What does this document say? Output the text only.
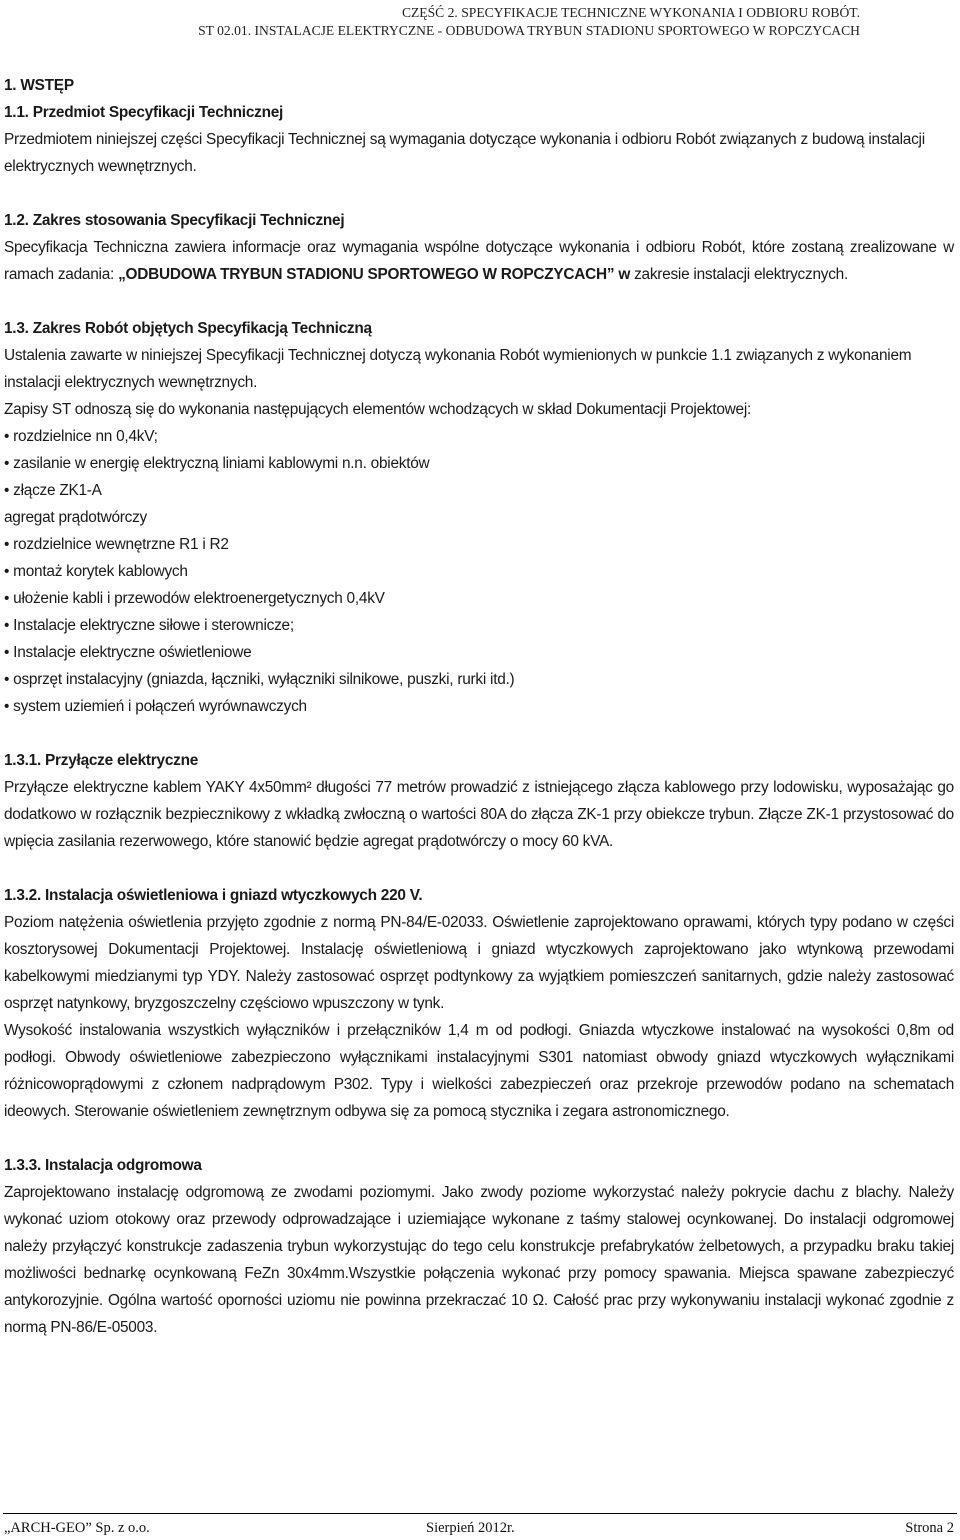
CZĘŚĆ 2. SPECYFIKACJE TECHNICZNE WYKONANIA I ODBIORU ROBÓT.
ST 02.01. INSTALACJE ELEKTRYCZNE - ODBUDOWA TRYBUN STADIONU SPORTOWEGO W ROPCZYCACH

1. WSTĘP

1.1. Przedmiot Specyfikacji Technicznej

Przedmiotem niniejszej części Specyfikacji Technicznej są wymagania dotyczące wykonania i odbioru Robót związanych z budową instalacji elektrycznych wewnętrznych.

1.2. Zakres stosowania Specyfikacji Technicznej

Specyfikacja Techniczna zawiera informacje oraz wymagania wspólne dotyczące wykonania i odbioru Robót, które zostaną zrealizowane w ramach zadania: „ODBUDOWA TRYBUN STADIONU SPORTOWEGO W ROPCZYCACH” w zakresie instalacji elektrycznych.

1.3. Zakres Robót objętych Specyfikacją Techniczną

Ustalenia zawarte w niniejszej Specyfikacji Technicznej dotyczą wykonania Robót wymienionych w punkcie 1.1 związanych z wykonaniem instalacji elektrycznych wewnętrznych.

Zapisy ST odnoszą się do wykonania następujących elementów wchodzących w skład Dokumentacji Projektowej:

• rozdzielnice nn 0,4kV;

• zasilanie w energię elektryczną liniami kablowymi n.n. obiektów

• złącze ZK1-A

agregat prądotwórczy

• rozdzielnice wewnętrzne R1 i R2

• montaż korytek kablowych

• ułożenie kabli i przewodów elektroenergetycznych 0,4kV

• Instalacje elektryczne siłowe i sterownicze;

• Instalacje elektryczne oświetleniowe

• osprzęt instalacyjny (gniazda, łączniki, wyłączniki silnikowe, puszki, rurki itd.)

• system uziemień i połączeń wyrównawczych

1.3.1. Przyłącze elektryczne

Przyłącze elektryczne kablem YAKY 4x50mm² długości 77 metrów prowadzić z istniejącego złącza kablowego przy lodowisku, wyposażając go dodatkowo w rozłącznik bezpiecznikowy z wkładką zwłoczną o wartości 80A do złącza ZK-1 przy obiekcze trybun. Złącze ZK-1 przystosować do wpięcia zasilania rezerwowego, które stanowić będzie agregat prądotwórczy o mocy 60 kVA.

1.3.2. Instalacja oświetleniowa i gniazd wtyczkowych 220 V.

Poziom natężenia oświetlenia przyjęto zgodnie z normą PN-84/E-02033. Oświetlenie zaprojektowano oprawami, których typy podano w części kosztorysowej Dokumentacji Projektowej. Instalację oświetleniową i gniazd wtyczkowych zaprojektowano jako wtynkową przewodami kabelkowymi miedzianymi typ YDY. Należy zastosować osprzęt podtynkowy za wyjątkiem pomieszczeń sanitarnych, gdzie należy zastosować osprzęt natynkowy, bryzgoszczelny częściowo wpuszczony w tynk.

Wysokość instalowania wszystkich wyłączników i przełączników 1,4 m od podłogi. Gniazda wtyczkowe instalować na wysokości 0,8m od podłogi. Obwody oświetleniowe zabezpieczono wyłącznikami instalacyjnymi S301 natomiast obwody gniazd wtyczkowych wyłącznikami różnicowoprądowymi z członem nadprądowym P302. Typy i wielkości zabezpieczeń oraz przekroje przewodów podano na schematach ideowych. Sterowanie oświetleniem zewnętrznym odbywa się za pomocą stycznika i zegara astronomicznego.

1.3.3. Instalacja odgromowa

Zaprojektowano instalację odgromową ze zwodami poziomymi. Jako zwody poziome wykorzystać należy pokrycie dachu z blachy. Należy wykonać uziom otokowy oraz przewody odprowadzające i uziemiające wykonane z taśmy stalowej ocynkowanej. Do instalacji odgromowej należy przyłączyć konstrukcje zadaszenia trybun wykorzystując do tego celu konstrukcje prefabrykatów żelbetowych, a przypadku braku takiej możliwości bednarkę ocynkowaną FeZn 30x4mm.Wszystkie połączenia wykonać przy pomocy spawania. Miejsca spawane zabezpieczyć antykorozyjnie. Ogólna wartość oporności uziomu nie powinna przekraczać 10 Ω. Całość prac przy wykonywaniu instalacji wykonać zgodnie z normą PN-86/E-05003.

„ARCH-GEO” Sp. z o.o.	Sierpień 2012r.	Strona 2
